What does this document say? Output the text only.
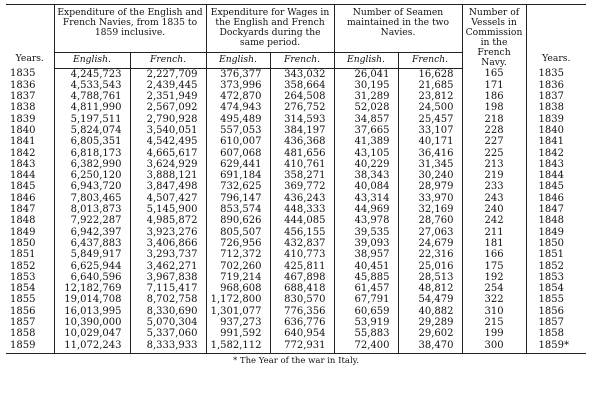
Years.	Expenditure of the English and French Navies, from 1835 to 1859 inclusive.		Expenditure for Wages in the English and French Dockyards during the same period.		Number of Seamen maintained in the two Navies.		Number of Vessels in Commission in the French Navy.	Years.
	English.	French.	English.	French.	English.	French.		
1835	4,245,723	2,227,709	376,377	343,032	26,041	16,628	165	1835
1836	4,533,543	2,439,445	373,996	358,664	30,195	21,685	171	1836
1837	4,788,761	2,351,949	472,870	264,508	31,289	23,812	186	1837
1838	4,811,990	2,567,092	474,943	276,752	52,028	24,500	198	1838
1839	5,197,511	2,790,928	495,489	314,593	34,857	25,457	218	1839
1840	5,824,074	3,540,051	557,053	384,197	37,665	33,107	228	1840
1841	6,805,351	4,542,495	610,007	436,368	41,389	40,171	227	1841
1842	6,818,173	4,665,617	607,068	481,656	43,105	36,416	225	1842
1843	6,382,990	3,624,929	629,441	410,761	40,229	31,345	213	1843
1844	6,250,120	3,888,121	691,184	358,271	38,343	30,240	219	1844
1845	6,943,720	3,847,498	732,625	369,772	40,084	28,979	233	1845
1846	7,803,465	4,507,427	796,147	436,243	43,314	33,970	243	1846
1847	8,013,873	5,145,900	853,574	448,333	44,969	32,169	240	1847
1848	7,922,287	4,985,872	890,626	444,085	43,978	28,760	242	1848
1849	6,942,397	3,923,276	805,507	456,155	39,535	27,063	211	1849
1850	6,437,883	3,406,866	726,956	432,837	39,093	24,679	181	1850
1851	5,849,917	3,293,737	712,372	410,773	38,957	22,316	166	1851
1852	6,625,944	3,462,271	702,260	425,811	40,451	25,016	175	1852
1853	6,640,596	3,967,838	719,214	467,898	45,885	28,513	192	1853
1854	12,182,769	7,115,417	968,608	688,418	61,457	48,812	254	1854
1855	19,014,708	8,702,758	1,172,800	830,570	67,791	54,479	322	1855
1856	16,013,995	8,330,690	1,301,077	776,356	60,659	40,882	310	1856
1857	10,390,000	5,070,304	937,273	636,776	53,919	29,289	215	1857
1858	10,029,047	5,337,060	991,592	640,954	55,883	29,602	199	1858
1859	11,072,243	8,333,933	1,582,112	772,931	72,400	38,470	300	1859*
* The Year of the war in Italy.
